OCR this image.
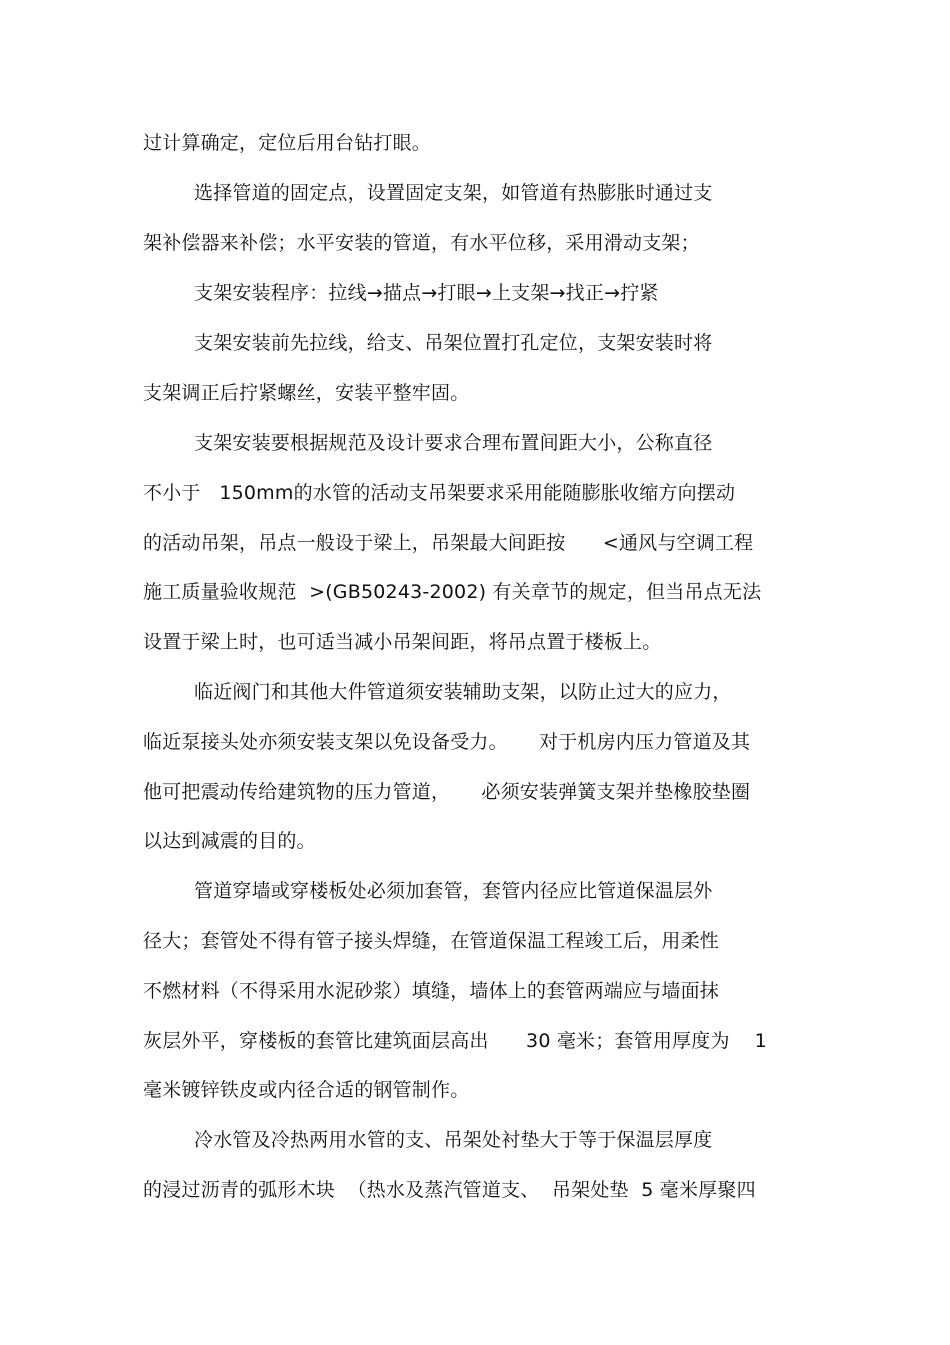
过计算确定，定位后用台钻打眼。
选择管道的固定点，设置固定支架，如管道有热膨胀时通过支
架补偿器来补偿；水平安装的管道，有水平位移，采用滑动支架；
支架安装程序：拉线→描点→打眼→上支架→找正→拧紧
支架安装前先拉线，给支、吊架位置打孔定位，支架安装时将
支架调正后拧紧螺丝，安装平整牢固。
支架安装要根据规范及设计要求合理布置间距大小，公称直径
不小于   150mm的水管的活动支吊架要求采用能随膨胀收缩方向摆动
的活动吊架，吊点一般设于梁上，吊架最大间距按      <通风与空调工程
施工质量验收规范  >(GB50243-2002) 有关章节的规定，但当吊点无法
设置于梁上时，也可适当减小吊架间距，将吊点置于楼板上。
临近阀门和其他大件管道须安装辅助支架，以防止过大的应力，
临近泵接头处亦须安装支架以免设备受力。     对于机房内压力管道及其
他可把震动传给建筑物的压力管道，     必须安装弹簧支架并垫橡胶垫圈
以达到减震的目的。
管道穿墙或穿楼板处必须加套管，套管内径应比管道保温层外
径大；套管处不得有管子接头焊缝，在管道保温工程竣工后，用柔性
不燃材料（不得采用水泥砂浆）填缝，墙体上的套管两端应与墙面抹
灰层外平，穿楼板的套管比建筑面层高出      30 毫米；套管用厚度为    1
毫米镀锌铁皮或内径合适的钢管制作。
冷水管及冷热两用水管的支、吊架处衬垫大于等于保温层厚度
的浸过沥青的弧形木块  （热水及蒸汽管道支、  吊架处垫  5 毫米厚聚四
